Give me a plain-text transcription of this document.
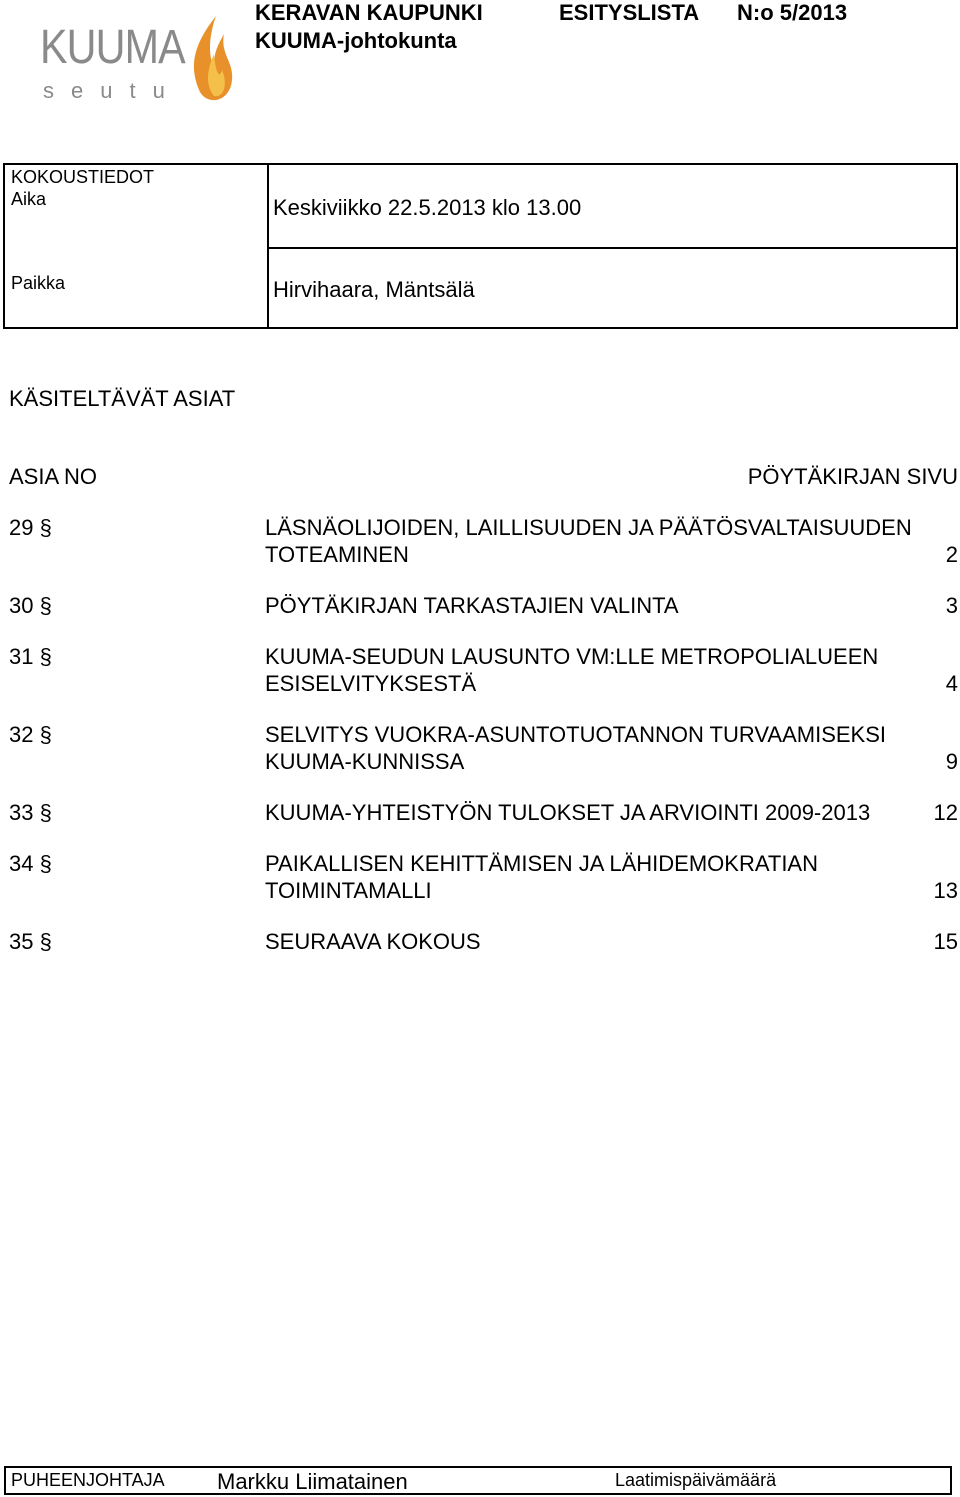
KUUMA
seutu
KERAVAN KAUPUNKI
KUUMA-johtokunta
ESITYSLISTA N:o 5/2013
KOKOUSTIEDOT
Aika	Keskiviikko 22.5.2013 klo 13.00
Paikka	Hirvihaara, Mäntsälä
KÄSITELTÄVÄT ASIAT
ASIA NO	PÖYTÄKIRJAN SIVU
29 §	LÄSNÄOLIJOIDEN, LAILLISUUDEN JA PÄÄTÖSVALTAISUUDEN TOTEAMINEN	2
30 §	PÖYTÄKIRJAN TARKASTAJIEN VALINTA	3
31 §	KUUMA-SEUDUN LAUSUNTO VM:LLE METROPOLIALUEEN ESISELVITYKSESTÄ	4
32 §	SELVITYS VUOKRA-ASUNTOTUOTANNON TURVAAMISEKSI KUUMA-KUNNISSA	9
33 §	KUUMA-YHTEISTYÖN TULOKSET JA ARVIOINTI 2009-2013	12
34 §	PAIKALLISEN KEHITTÄMISEN JA LÄHIDEMOKRATIAN TOIMINTAMALLI	13
35 §	SEURAAVA KOKOUS	15
PUHEENJOHTAJA Markku Liimatainen	Laatimispäivämäärä
